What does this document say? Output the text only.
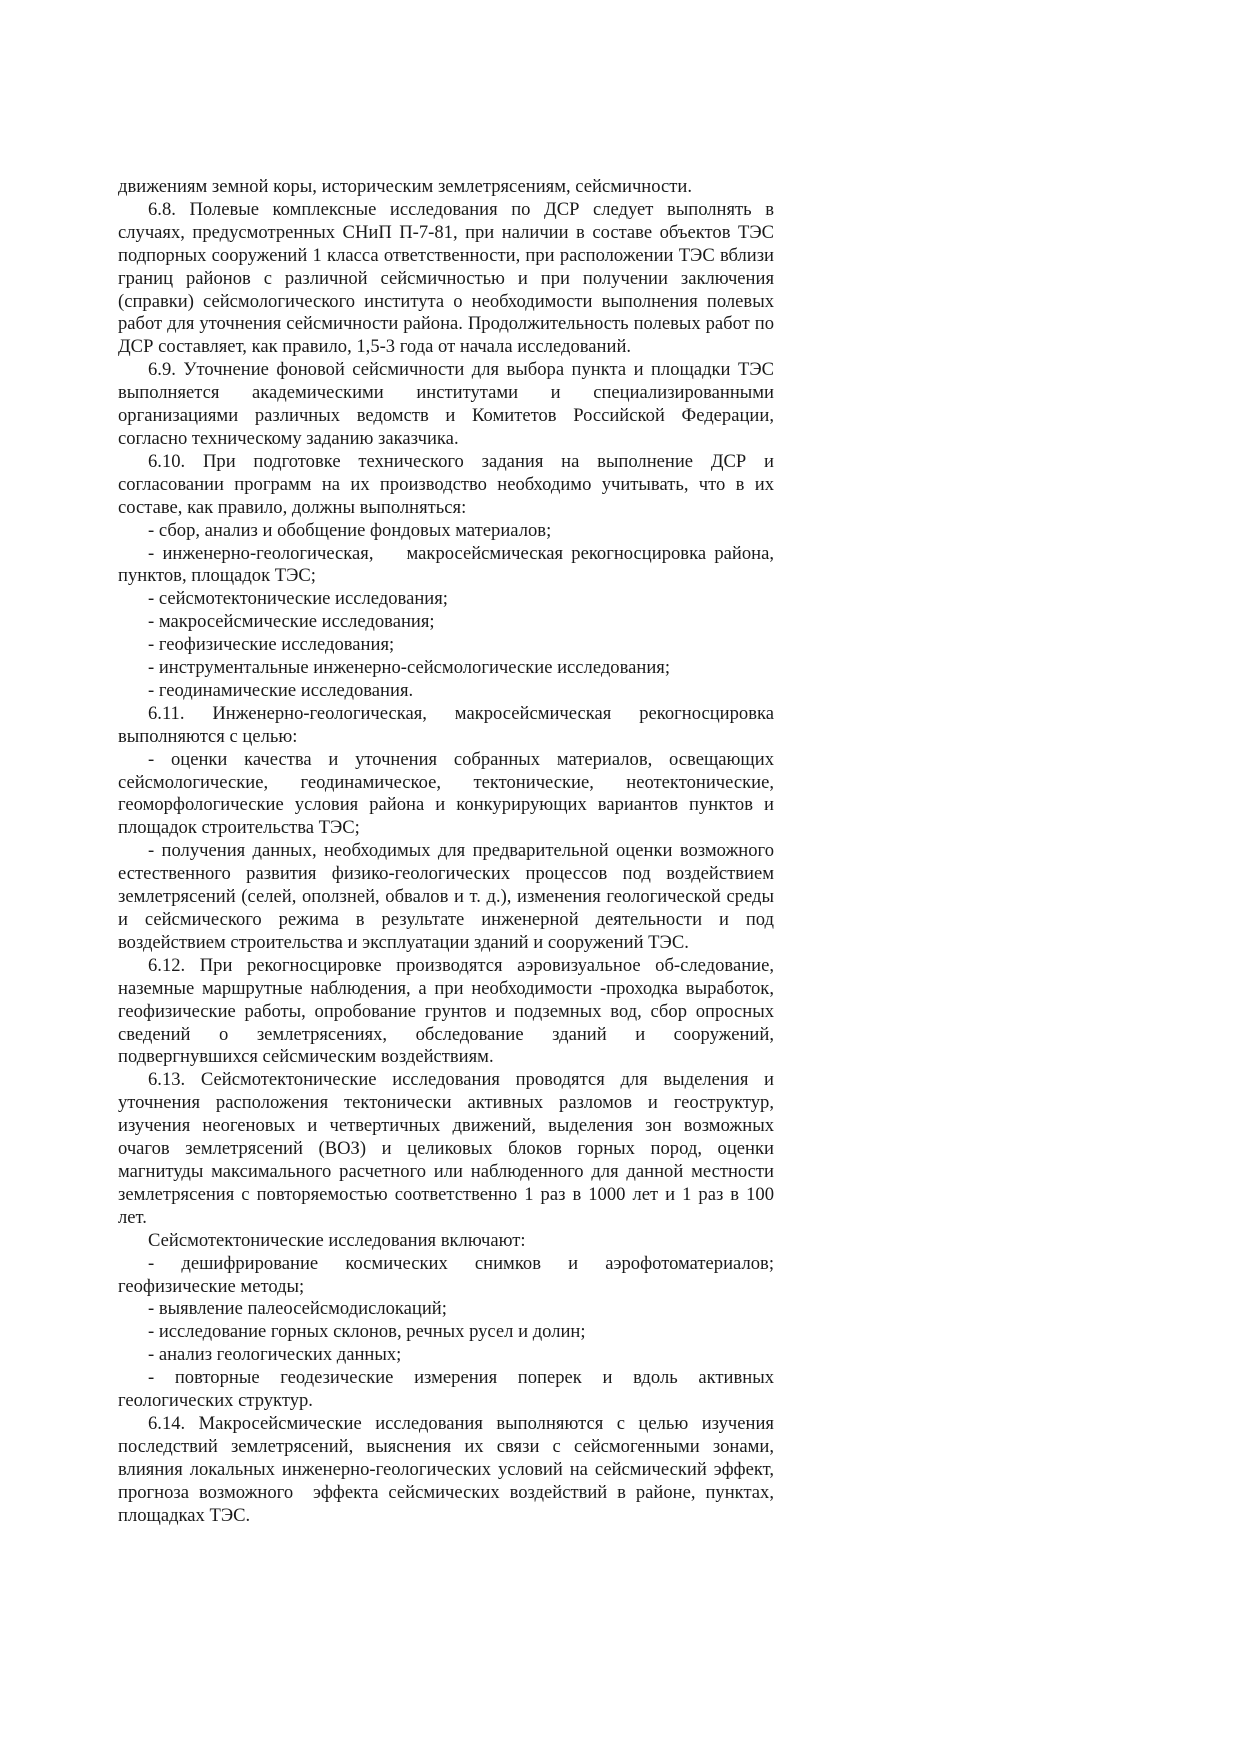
движениям земной коры, историческим землетрясениям, сейсмичности.

6.8. Полевые комплексные исследования по ДСР следует выполнять в случаях, предусмотренных СНиП П-7-81, при наличии в составе объектов ТЭС подпорных сооружений 1 класса ответственности, при расположении ТЭС вблизи границ районов с различной сейсмичностью и при получении заключения (справки) сейсмологического института о необходимости выполнения полевых работ для уточнения сейсмичности района. Продолжительность полевых работ по ДСР составляет, как правило, 1,5-3 года от начала исследований.

6.9. Уточнение фоновой сейсмичности для выбора пункта и площадки ТЭС выполняется академическими институтами и специализированными организациями различных ведомств и Комитетов Российской Федерации, согласно техническому заданию заказчика.

6.10. При подготовке технического задания на выполнение ДСР и согласовании программ на их производство необходимо учитывать, что в их составе, как правило, должны выполняться:

- сбор, анализ и обобщение фондовых материалов;

- инженерно-геологическая,    макросейсмическая рекогносцировка района, пунктов, площадок ТЭС;

- сейсмотектонические исследования;

- макросейсмические исследования;

- геофизические исследования;

- инструментальные инженерно-сейсмологические исследования;

- геодинамические исследования.

6.11. Инженерно-геологическая, макросейсмическая рекогносцировка выполняются с целью:

- оценки качества и уточнения собранных материалов, освещающих сейсмологические, геодинамическое, тектонические, неотектонические, геоморфологические условия района и конкурирующих вариантов пунктов и площадок строительства ТЭС;

- получения данных, необходимых для предварительной оценки возможного естественного развития физико-геологических процессов под воздействием землетрясений (селей, оползней, обвалов и т. д.), изменения геологической среды и сейсмического режима в результате инженерной деятельности и под воздействием строительства и эксплуатации зданий и сооружений ТЭС.

6.12. При рекогносцировке производятся аэровизуальное об-следование, наземные маршрутные наблюдения, а при необходимости -проходка выработок, геофизические работы, опробование грунтов и подземных вод, сбор опросных сведений о землетрясениях, обследование зданий и сооружений, подвергнувшихся сейсмическим воздействиям.

6.13. Сейсмотектонические исследования проводятся для выделения и уточнения расположения тектонически активных разломов и геоструктур, изучения неогеновых и четвертичных движений, выделения зон возможных очагов землетрясений (ВОЗ) и целиковых блоков горных пород, оценки магнитуды максимального расчетного или наблюденного для данной местности землетрясения с повторяемостью соответственно 1 раз в 1000 лет и 1 раз в 100 лет.

Сейсмотектонические исследования включают:

- дешифрирование космических снимков и аэрофотоматериалов; геофизические методы;

- выявление палеосейсмодислокаций;

- исследование горных склонов, речных русел и долин;

- анализ геологических данных;

- повторные геодезические измерения поперек и вдоль активных геологических структур.

6.14. Макросейсмические исследования выполняются с целью изучения последствий землетрясений, выяснения их связи с сейсмогенными зонами, влияния локальных инженерно-геологических условий на сейсмический эффект, прогноза возможного  эффекта сейсмических воздействий в районе, пунктах, площадках ТЭС.
